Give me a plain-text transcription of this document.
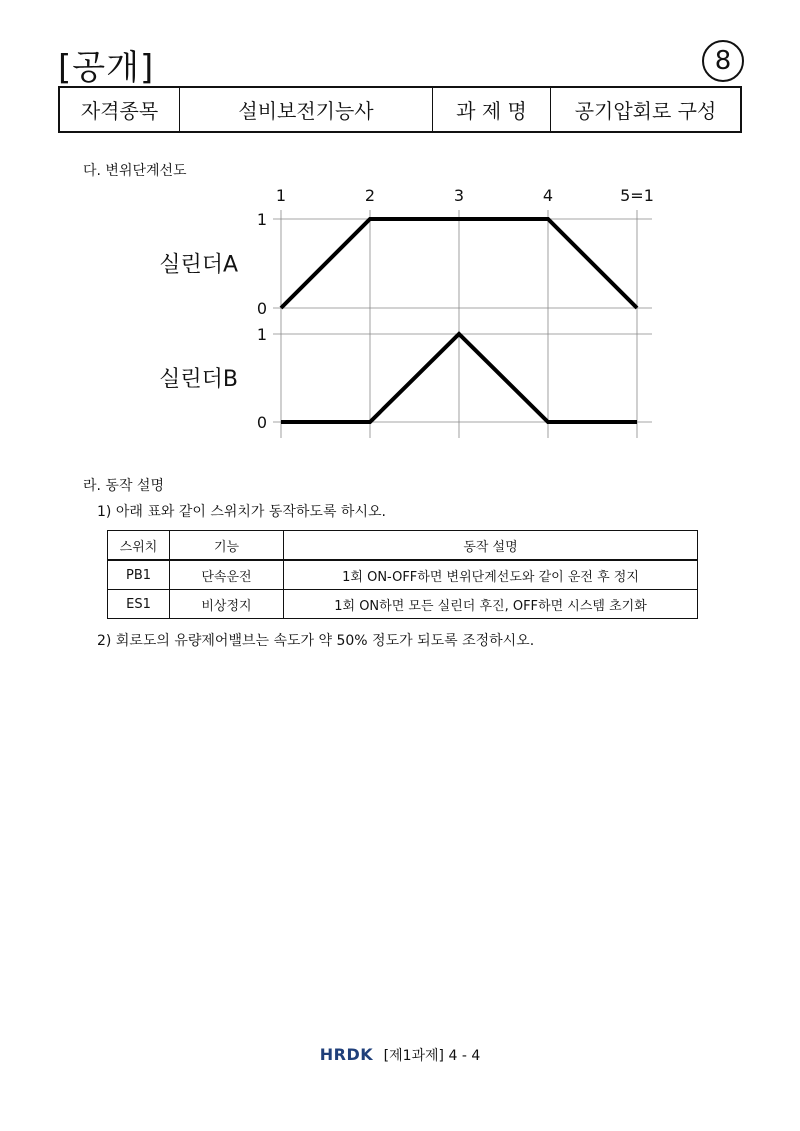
[공개]	8
자격종목	설비보전기능사	과 제 명	공기압회로 구성
다. 변위단계선도
1	2	3	4	5=1
1
0
실린더A
1
0
실린더B
라. 동작 설명
1) 아래 표와 같이 스위치가 동작하도록 하시오.
스위치	기능	동작 설명
PB1	단속운전	1회 ON-OFF하면 변위단계선도와 같이 운전 후 정지
ES1	비상정지	1회 ON하면 모든 실린더 후진, OFF하면 시스템 초기화
2) 회로도의 유량제어밸브는 속도가 약 50% 정도가 되도록 조정하시오.
HRDK [제1과제] 4 - 4
